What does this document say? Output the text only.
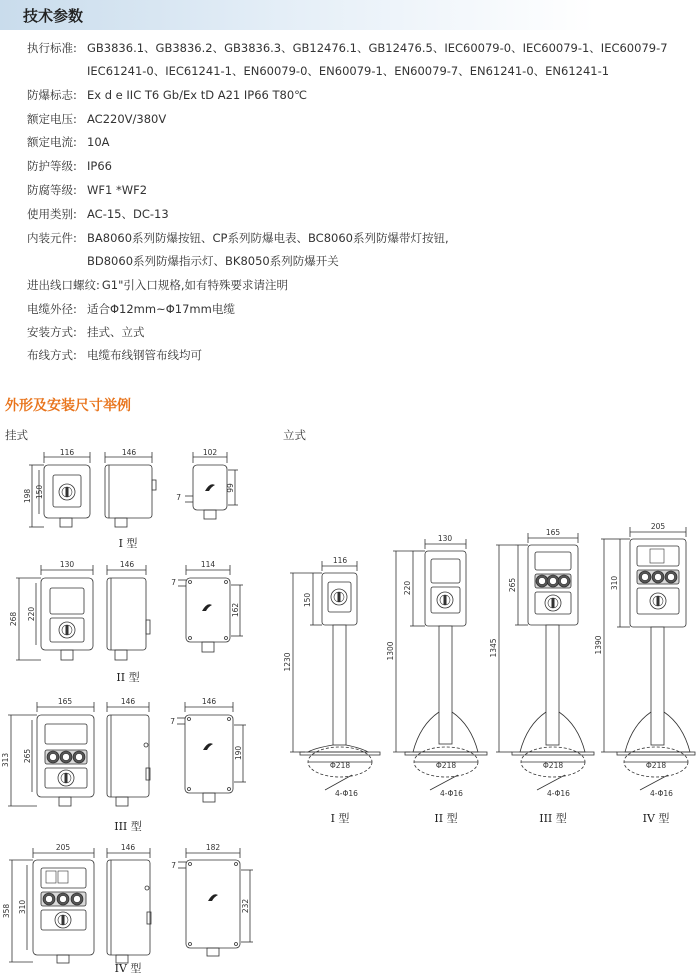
技术参数
执行标准: GB3836.1、GB3836.2、GB3836.3、GB12476.1、GB12476.5、IEC60079-0、IEC60079-1、IEC60079-7
IEC61241-0、IEC61241-1、EN60079-0、EN60079-1、EN60079-7、EN61241-0、EN61241-1
防爆标志: Ex d e IIC T6 Gb/Ex tD A21 IP66 T80℃
额定电压: AC220V/380V
额定电流: 10A
防护等级: IP66
防腐等级: WF1 *WF2
使用类别: AC-15、DC-13
内装元件: BA8060系列防爆按钮、CP系列防爆电表、BC8060系列防爆带灯按钮,
BD8060系列防爆指示灯、BK8050系列防爆开关
进出线口螺纹: G1"引入口规格,如有特殊要求请注明
电缆外径: 适合Φ12mm~Φ17mm电缆
安装方式: 挂式、立式
布线方式: 电缆布线钢管布线均可
外形及安装尺寸举例
挂式	立式
116	146	102
198 150	99
7
I 型
130	146	114
268 220	162
7
II 型
165	146	146
313 265	190
7
III 型
205	146	182
358 310	232
7
IV 型
116
150
1230
Φ218
4-Φ16
I 型
130
220
1300
Φ218
4-Φ16
II 型
165
265
1345
Φ218
4-Φ16
III 型
205
310
1390
Φ218
4-Φ16
IV 型
